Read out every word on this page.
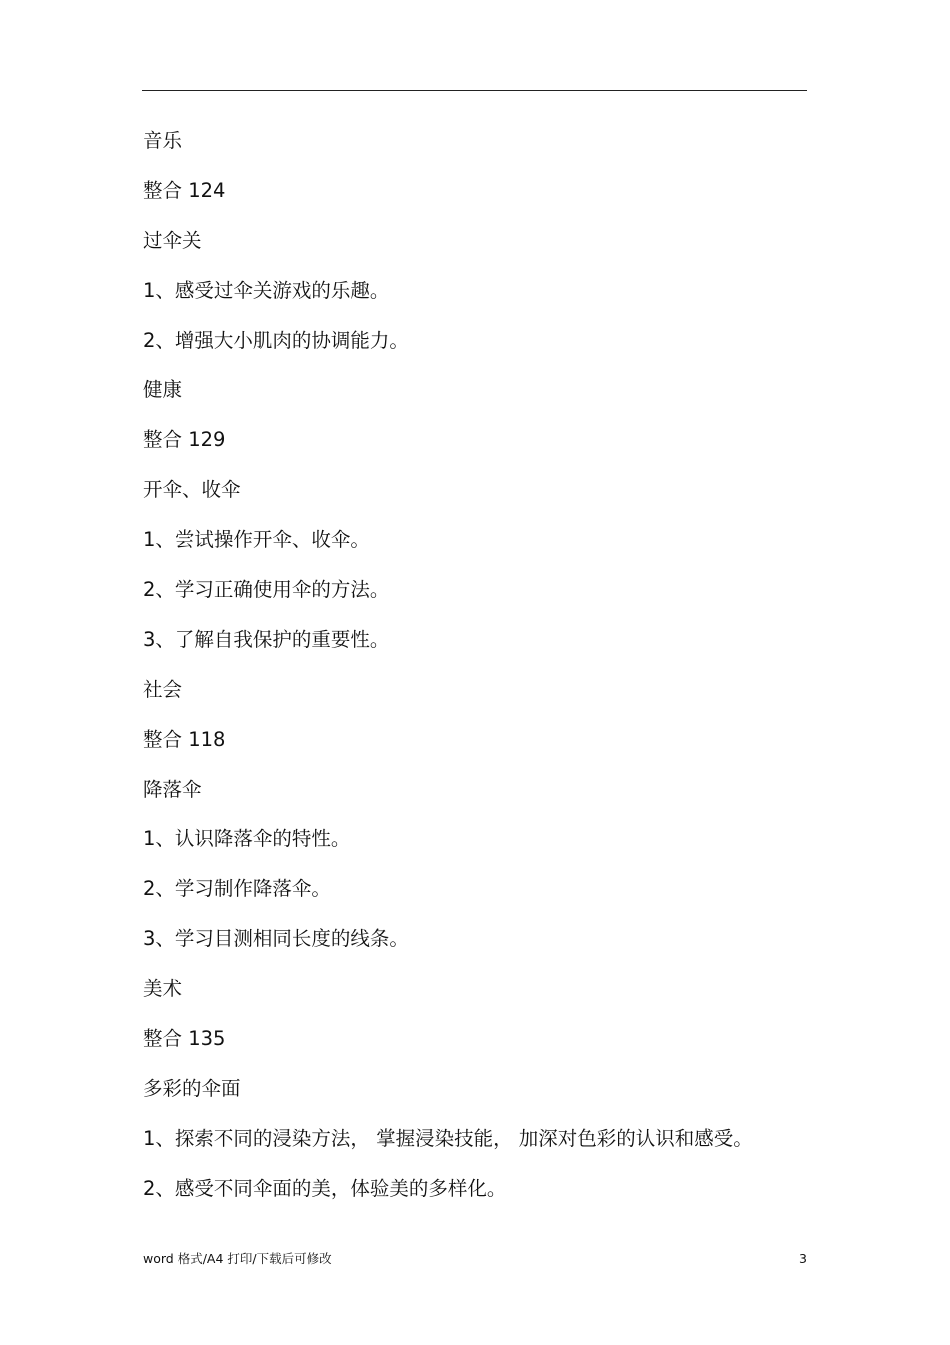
音乐
整合 124
过伞关
1、感受过伞关游戏的乐趣。
2、增强大小肌肉的协调能力。
健康
整合 129
开伞、收伞
1、尝试操作开伞、收伞。
2、学习正确使用伞的方法。
3、了解自我保护的重要性。
社会
整合 118
降落伞
1、认识降落伞的特性。
2、学习制作降落伞。
3、学习目测相同长度的线条。
美术
整合 135
多彩的伞面
1、探索不同的浸染方法， 掌握浸染技能， 加深对色彩的认识和感受。
2、感受不同伞面的美，体验美的多样化。
word 格式/A4 打印/下载后可修改	3
